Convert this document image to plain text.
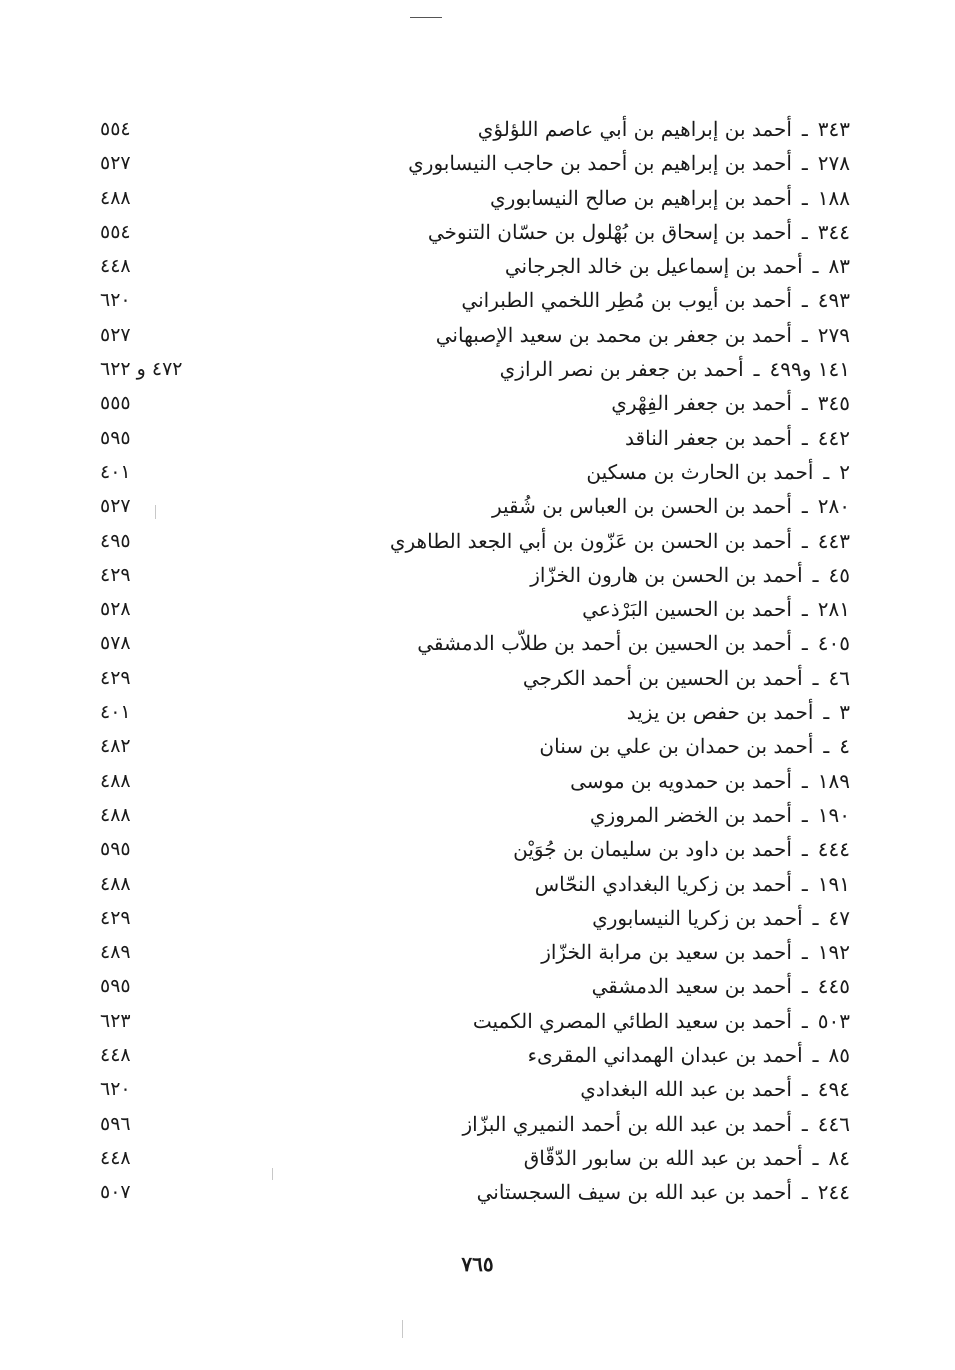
٣٤٣ـأحمد بن إبراهيم بن أبي عاصم اللؤلؤي
٥٥٤
٢٧٨ـأحمد بن إبراهيم بن أحمد بن حاجب النيسابوري
٥٢٧
١٨٨ـأحمد بن إبراهيم بن صالح النيسابوري
٤٨٨
٣٤٤ـأحمد بن إسحاق بن بُهْلول بن حسّان التنوخي
٥٥٤
٨٣ـأحمد بن إسماعيل بن خالد الجرجاني
٤٤٨
٤٩٣ـأحمد بن أيوب بن مُطِر اللخمي الطبراني
٦٢٠
٢٧٩ـأحمد بن جعفر بن محمد بن سعيد الإصبهاني
٥٢٧
١٤١ و٤٩٩ـأحمد بن جعفر بن نصر الرازي
٤٧٢ و ٦٢٢
٣٤٥ـأحمد بن جعفر الفِهْري
٥٥٥
٤٤٢ـأحمد بن جعفر الناقد
٥٩٥
٢ـأحمد بن الحارث بن مسكين
٤٠١
٢٨٠ـأحمد بن الحسن بن العباس بن شُقير
٥٢٧
٤٤٣ـأحمد بن الحسن بن عَزّون بن أبي الجعد الطاهري
٤٩٥
٤٥ـأحمد بن الحسن بن هارون الخزّاز
٤٢٩
٢٨١ـأحمد بن الحسين البَرْذعي
٥٢٨
٤٠٥ـأحمد بن الحسين بن أحمد بن طلاّب الدمشقي
٥٧٨
٤٦ـأحمد بن الحسين بن أحمد الكرجي
٤٢٩
٣ـأحمد بن حفص بن يزيد
٤٠١
٤ـأحمد بن حمدان بن علي بن سنان
٤٨٢
١٨٩ـأحمد بن حمدويه بن موسى
٤٨٨
١٩٠ـأحمد بن الخضر المروزي
٤٨٨
٤٤٤ـأحمد بن داود بن سليمان بن جُوَيْن
٥٩٥
١٩١ـأحمد بن زكريا البغدادي النحّاس
٤٨٨
٤٧ـأحمد بن زكريا النيسابوري
٤٢٩
١٩٢ـأحمد بن سعيد بن مرابة الخزّاز
٤٨٩
٤٤٥ـأحمد بن سعيد الدمشقي
٥٩٥
٥٠٣ـأحمد بن سعيد الطائي المصري الكميت
٦٢٣
٨٥ـأحمد بن عبدان الهمداني المقرىء
٤٤٨
٤٩٤ـأحمد بن عبد الله البغدادي
٦٢٠
٤٤٦ـأحمد بن عبد الله بن أحمد النميري البزّاز
٥٩٦
٨٤ـأحمد بن عبد الله بن سابور الدّقّاق
٤٤٨
٢٤٤ـأحمد بن عبد الله بن سيف السجستاني
٥٠٧
٧٦٥
